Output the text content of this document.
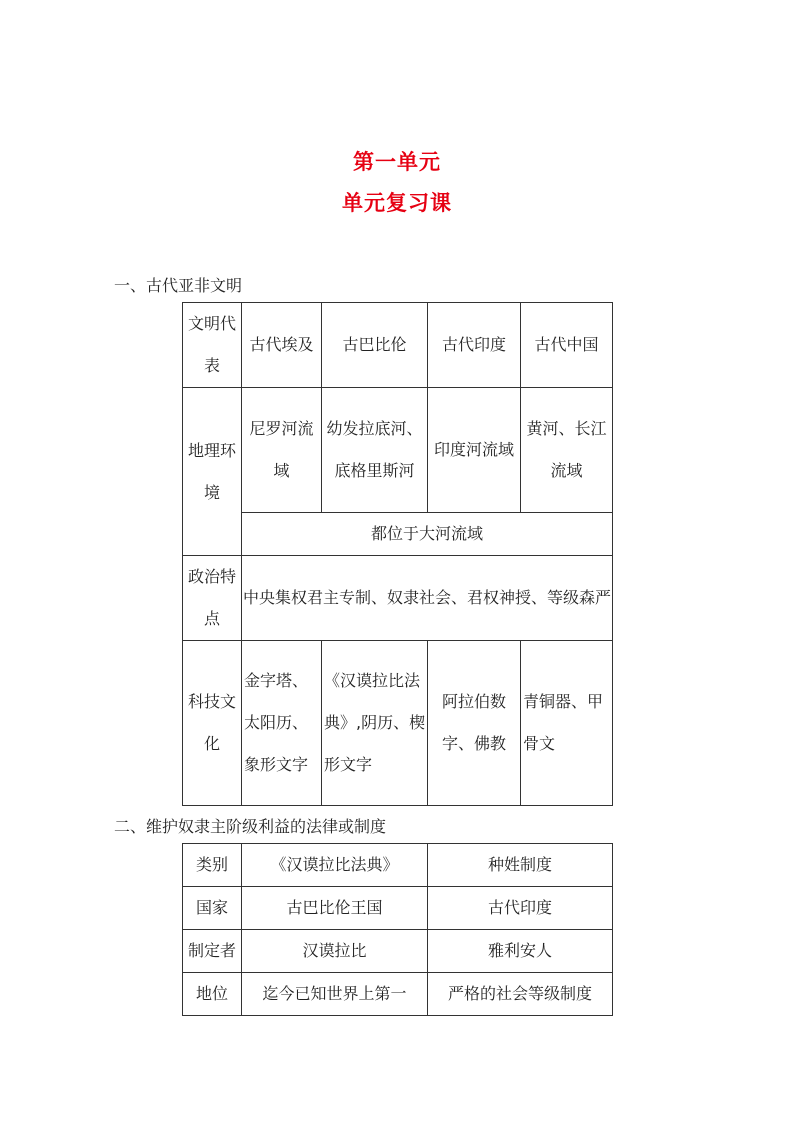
第一单元
单元复习课
一、古代亚非文明
文明代表	古代埃及	古巴比伦	古代印度	古代中国
地理环境	尼罗河流域	幼发拉底河、底格里斯河	印度河流域	黄河、长江流域
	都位于大河流域			
政治特点	中央集权君主专制、奴隶社会、君权神授、等级森严			
科技文化	金字塔、太阳历、象形文字	《汉谟拉比法典》,阴历、楔形文字	阿拉伯数字、佛教	青铜器、甲骨文
二、维护奴隶主阶级利益的法律或制度
类别	《汉谟拉比法典》	种姓制度
国家	古巴比伦王国	古代印度
制定者	汉谟拉比	雅利安人
地位	迄今已知世界上第一	严格的社会等级制度
